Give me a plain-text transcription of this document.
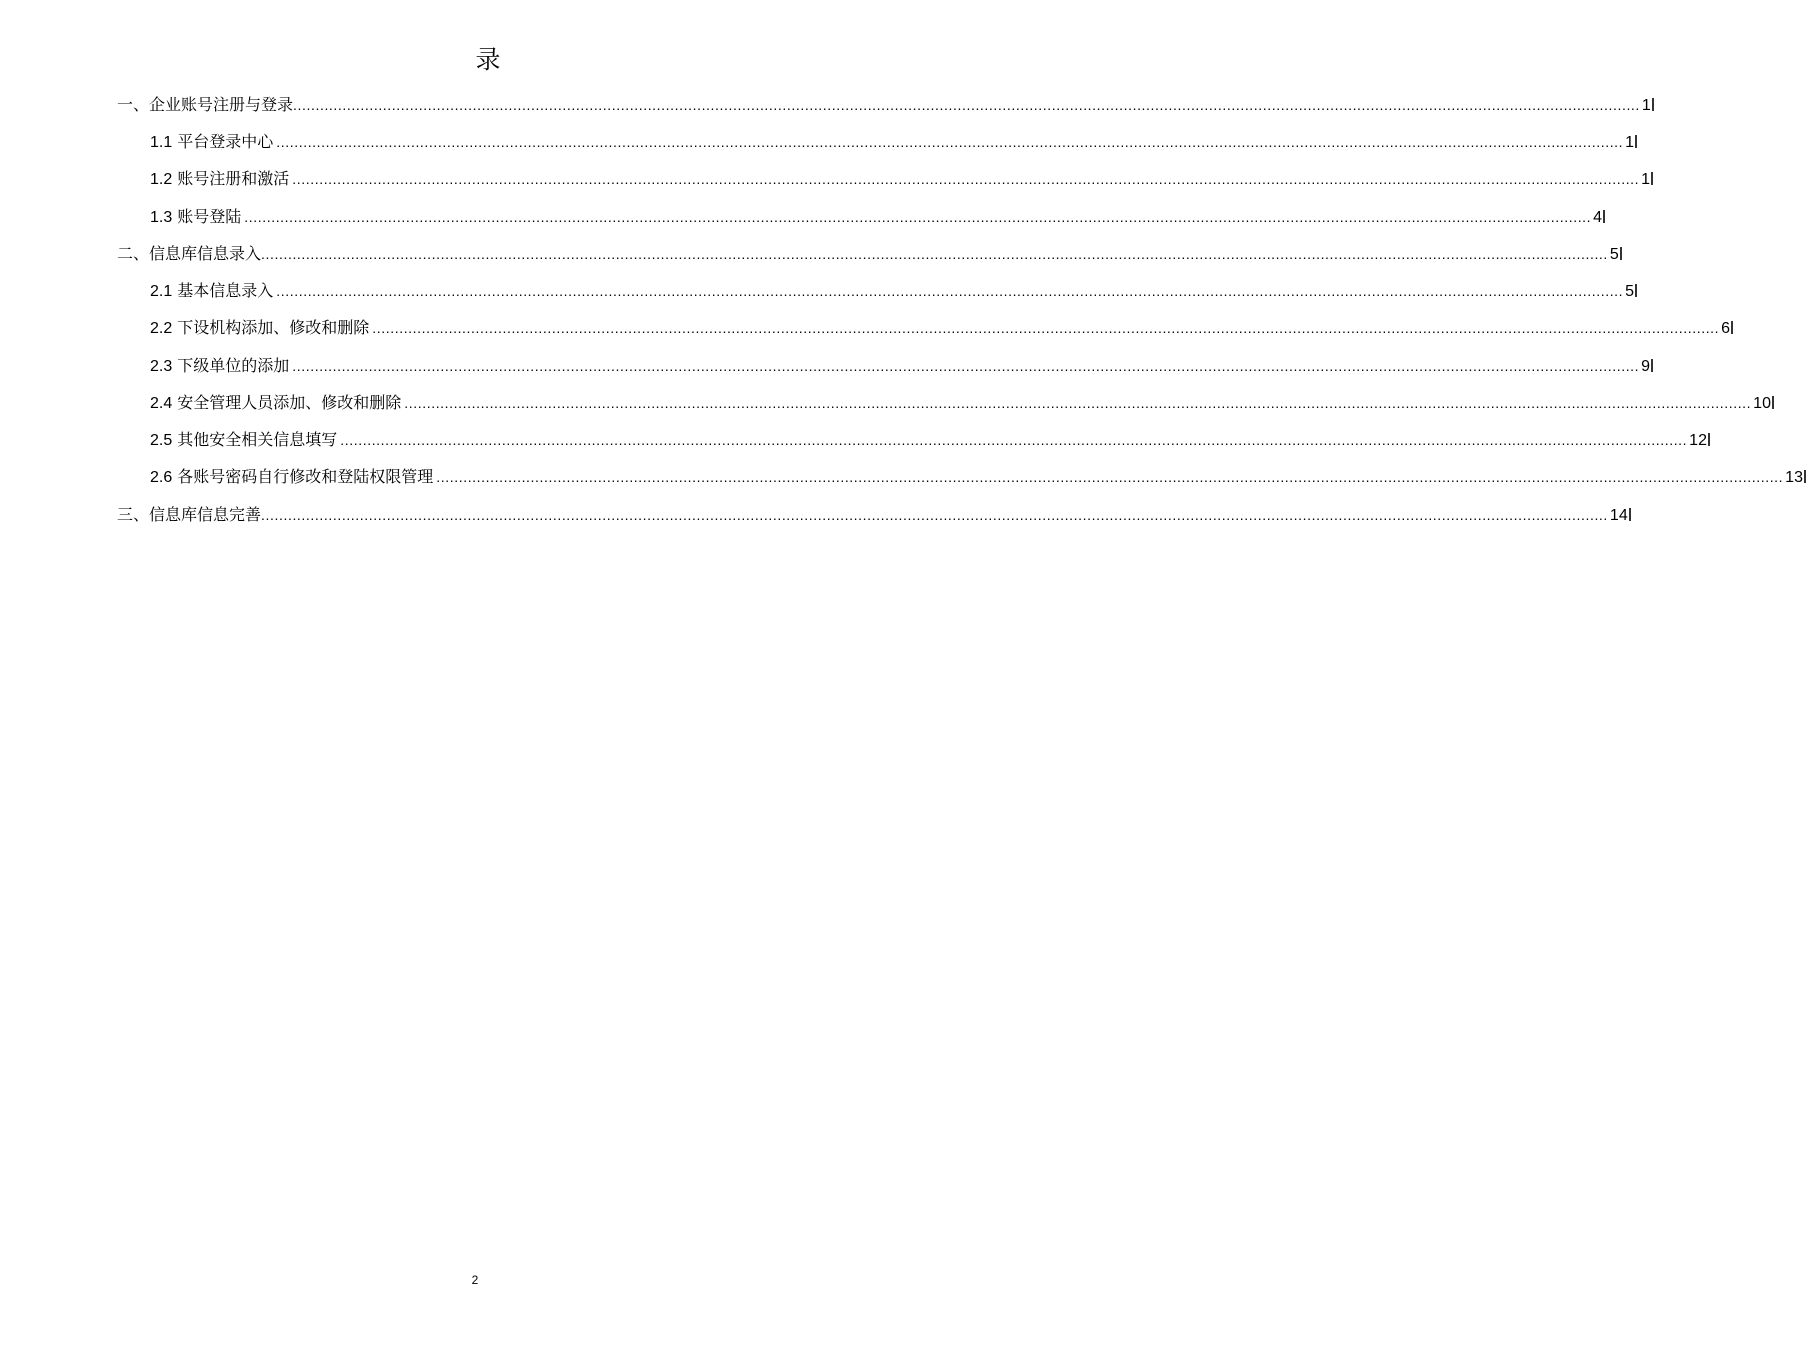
录
一、企业账号注册与登录 ............................................................................................................................................................................................................................................................................................................ 1
1.1 平台登录中心 ............................................................................................................................................................................................................................................................................................................ 1
1.2 账号注册和激活 ............................................................................................................................................................................................................................................................................................................ 1
1.3 账号登陆 ............................................................................................................................................................................................................................................................................................................ 4
二、信息库信息录入 ............................................................................................................................................................................................................................................................................................................ 5
2.1 基本信息录入 ............................................................................................................................................................................................................................................................................................................ 5
2.2 下设机构添加、修改和删除 ............................................................................................................................................................................................................................................................................................................ 6
2.3 下级单位的添加 ............................................................................................................................................................................................................................................................................................................ 9
2.4 安全管理人员添加、修改和删除 ............................................................................................................................................................................................................................................................................................................ 10
2.5 其他安全相关信息填写 ............................................................................................................................................................................................................................................................................................................ 12
2.6 各账号密码自行修改和登陆权限管理 ............................................................................................................................................................................................................................................................................................................ 13
三、信息库信息完善 ............................................................................................................................................................................................................................................................................................................ 14
2
